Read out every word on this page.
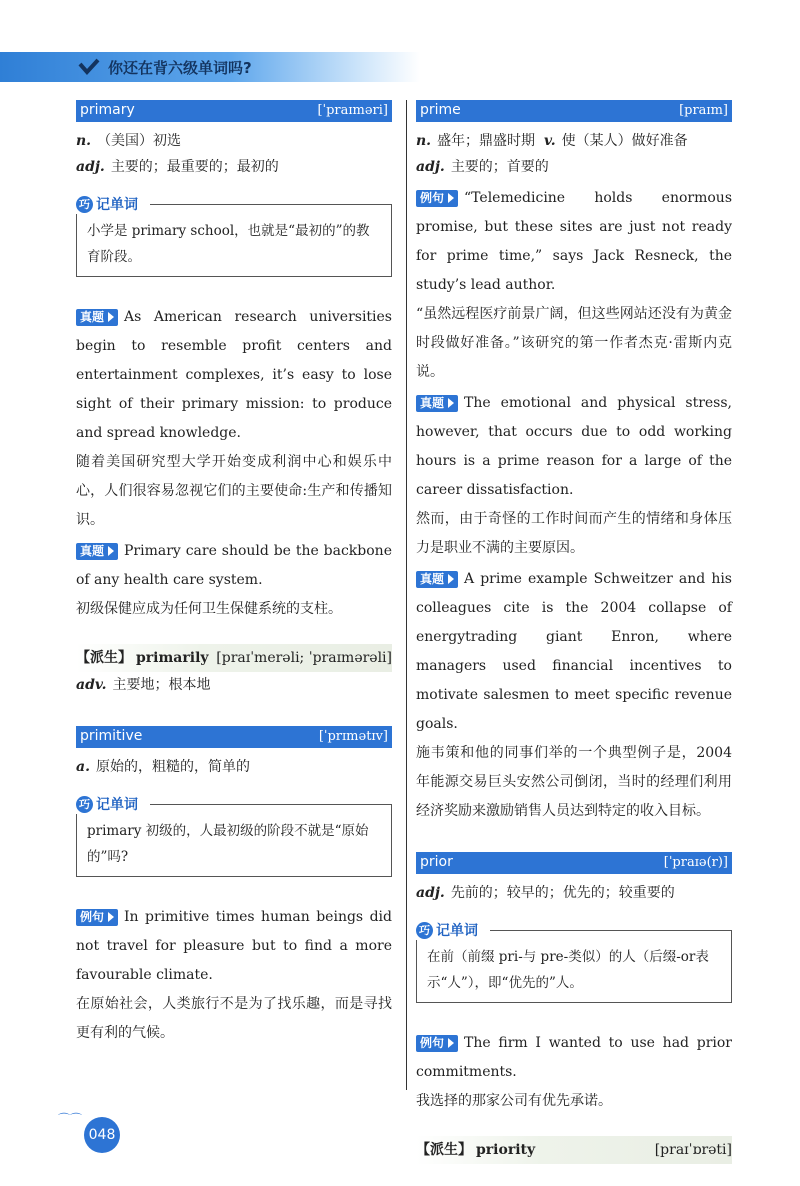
你还在背六级单词吗?
primary	[ˈpraɪməri]

n. （美国）初选

adj. 主要的；最重要的；最初的

巧 记单词
小学是 primary school，也就是“最初的”的教育阶段。
真题 As American research universities begin to resemble profit centers and entertainment complexes, it’s easy to lose sight of their primary mission: to produce and spread knowledge.
随着美国研究型大学开始变成利润中心和娱乐中心，人们很容易忽视它们的主要使命:生产和传播知识。
真题 Primary care should be the backbone of any health care system.
初级保健应成为任何卫生保健系统的支柱。
【派生】 primarily [praɪˈmerəli; ˈpraɪmərəli]

adv. 主要地；根本地

primitive	[ˈprɪmətɪv]

a. 原始的，粗糙的，简单的

巧 记单词
primary 初级的，人最初级的阶段不就是“原始的”吗?
例句 In primitive times human beings did not travel for pleasure but to find a more favourable climate.
在原始社会，人类旅行不是为了找乐趣，而是寻找更有利的气候。
prime	[praɪm]

n. 盛年；鼎盛时期 v. 使（某人）做好准备

adj. 主要的；首要的

例句 “Telemedicine holds enormous promise, but these sites are just not ready for prime time,” says Jack Resneck, the study’s lead author.
“虽然远程医疗前景广阔，但这些网站还没有为黄金时段做好准备。”该研究的第一作者杰克·雷斯内克说。
真题 The emotional and physical stress, however, that occurs due to odd working hours is a prime reason for a large of the career dissatisfaction.
然而，由于奇怪的工作时间而产生的情绪和身体压力是职业不满的主要原因。
真题 A prime example Schweitzer and his colleagues cite is the 2004 collapse of energytrading giant Enron, where managers used financial incentives to motivate salesmen to meet specific revenue goals.
施韦策和他的同事们举的一个典型例子是，2004 年能源交易巨头安然公司倒闭，当时的经理们利用经济奖励来激励销售人员达到特定的收入目标。
prior	[ˈpraɪə(r)]

adj. 先前的；较早的；优先的；较重要的

巧 记单词
在前（前缀 pri-与 pre-类似）的人（后缀-or表示“人”），即“优先的”人。
例句 The firm I wanted to use had prior commitments.
我选择的那家公司有优先承诺。
【派生】 priority	[praɪˈɒrəti]
⌒⌒
048
